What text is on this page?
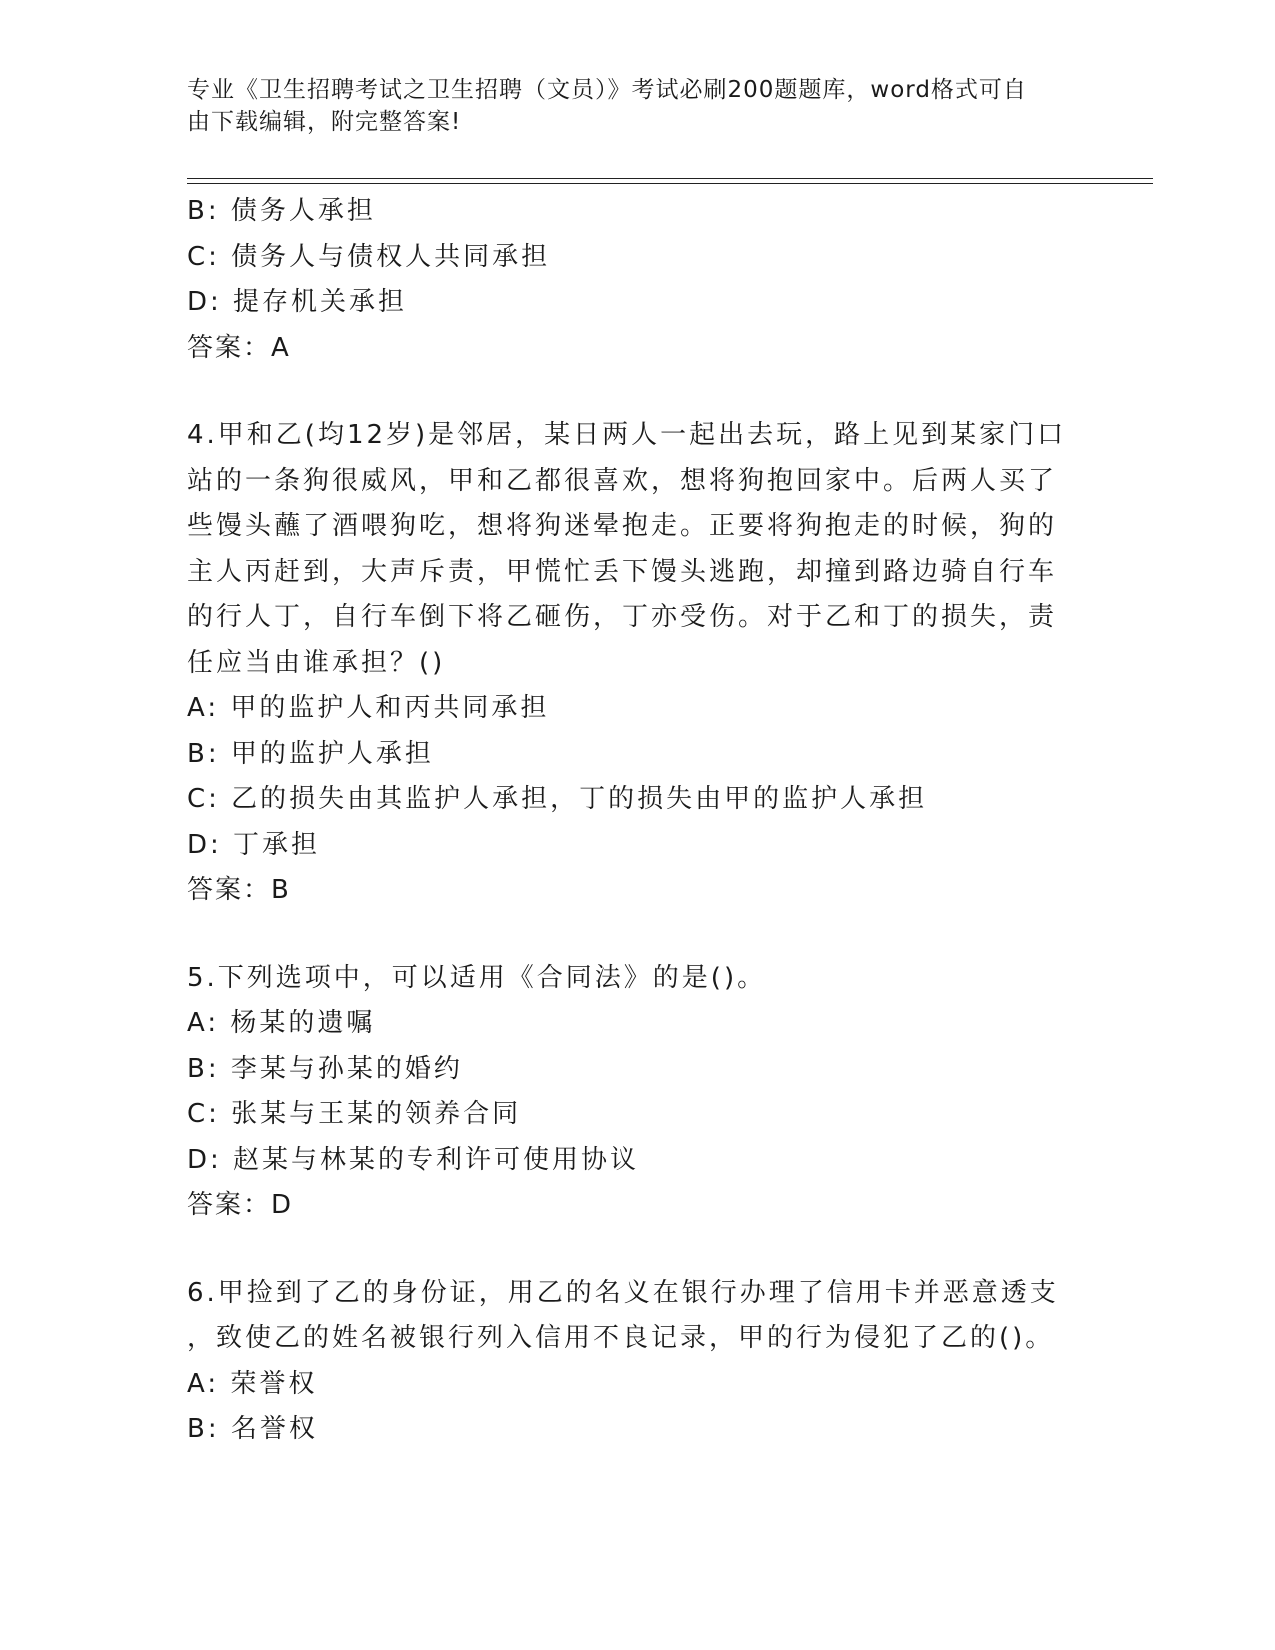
专业《卫生招聘考试之卫生招聘（文员）》考试必刷200题题库，word格式可自
由下载编辑，附完整答案!
B: 债务人承担
C: 债务人与债权人共同承担
D: 提存机关承担
答案：A
4.甲和乙(均12岁)是邻居，某日两人一起出去玩，路上见到某家门口
站的一条狗很威风，甲和乙都很喜欢，想将狗抱回家中。后两人买了
些馒头蘸了酒喂狗吃，想将狗迷晕抱走。正要将狗抱走的时候，狗的
主人丙赶到，大声斥责，甲慌忙丢下馒头逃跑，却撞到路边骑自行车
的行人丁，自行车倒下将乙砸伤，丁亦受伤。对于乙和丁的损失，责
任应当由谁承担？()
A: 甲的监护人和丙共同承担
B: 甲的监护人承担
C: 乙的损失由其监护人承担，丁的损失由甲的监护人承担
D: 丁承担
答案：B
5.下列选项中，可以适用《合同法》的是()。
A: 杨某的遗嘱
B: 李某与孙某的婚约
C: 张某与王某的领养合同
D: 赵某与林某的专利许可使用协议
答案：D
6.甲捡到了乙的身份证，用乙的名义在银行办理了信用卡并恶意透支
，致使乙的姓名被银行列入信用不良记录，甲的行为侵犯了乙的()。
A: 荣誉权
B: 名誉权
